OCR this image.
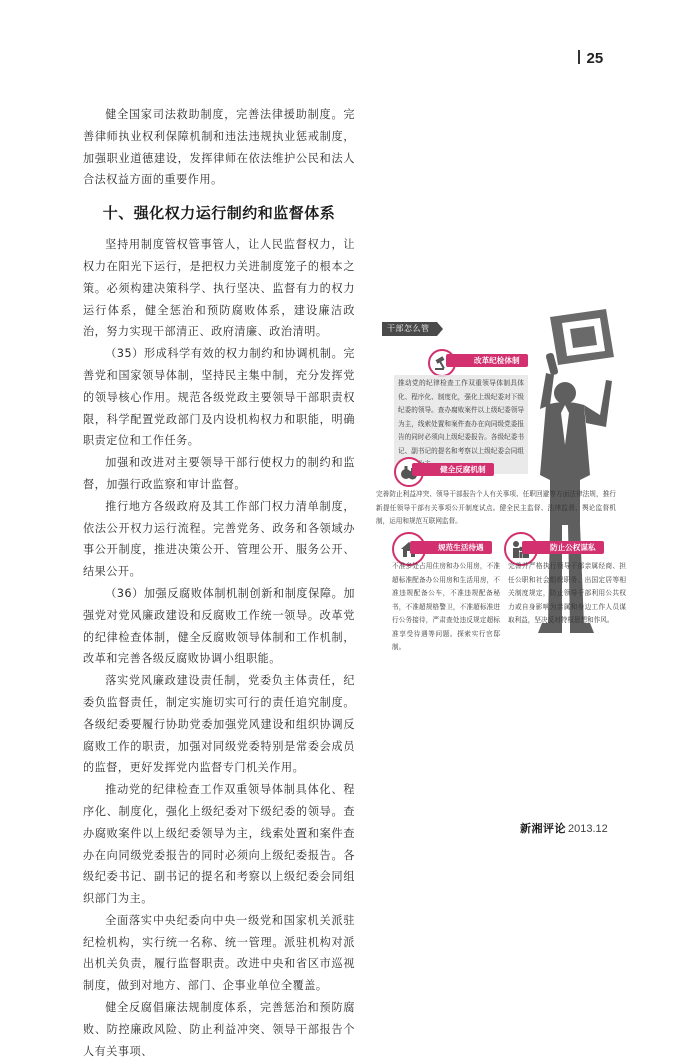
25

健全国家司法救助制度，完善法律援助制度。完善律师执业权利保障机制和违法违规执业惩戒制度，加强职业道德建设，发挥律师在依法维护公民和法人合法权益方面的重要作用。

十、强化权力运行制约和监督体系

坚持用制度管权管事管人，让人民监督权力，让权力在阳光下运行，是把权力关进制度笼子的根本之策。必须构建决策科学、执行坚决、监督有力的权力运行体系，健全惩治和预防腐败体系，建设廉洁政治，努力实现干部清正、政府清廉、政治清明。

（35）形成科学有效的权力制约和协调机制。完善党和国家领导体制，坚持民主集中制，充分发挥党的领导核心作用。规范各级党政主要领导干部职责权限，科学配置党政部门及内设机构权力和职能，明确职责定位和工作任务。

加强和改进对主要领导干部行使权力的制约和监督，加强行政监察和审计监督。

推行地方各级政府及其工作部门权力清单制度，依法公开权力运行流程。完善党务、政务和各领域办事公开制度，推进决策公开、管理公开、服务公开、结果公开。

（36）加强反腐败体制机制创新和制度保障。加强党对党风廉政建设和反腐败工作统一领导。改革党的纪律检查体制，健全反腐败领导体制和工作机制，改革和完善各级反腐败协调小组职能。

落实党风廉政建设责任制，党委负主体责任，纪委负监督责任，制定实施切实可行的责任追究制度。各级纪委要履行协助党委加强党风建设和组织协调反腐败工作的职责，加强对同级党委特别是常委会成员的监督，更好发挥党内监督专门机关作用。

推动党的纪律检查工作双重领导体制具体化、程序化、制度化，强化上级纪委对下级纪委的领导。查办腐败案件以上级纪委领导为主，线索处置和案件查办在向同级党委报告的同时必须向上级纪委报告。各级纪委书记、副书记的提名和考察以上级纪委会同组织部门为主。

全面落实中央纪委向中央一级党和国家机关派驻纪检机构，实行统一名称、统一管理。派驻机构对派出机关负责，履行监督职责。改进中央和省区市巡视制度，做到对地方、部门、企事业单位全覆盖。

健全反腐倡廉法规制度体系，完善惩治和预防腐败、防控廉政风险、防止利益冲突、领导干部报告个人有关事项、

干部怎么管
改革纪检体制
推动党的纪律检查工作双重领导体制具体化、程序化、制度化，强化上级纪委对下级纪委的领导。查办腐败案件以上级纪委领导为主，线索处置和案件查办在向同级党委报告的同时必须向上级纪委报告。各级纪委书记、副书记的提名和考察以上级纪委会同组
健全反腐机制
完善防止利益冲突、领导干部报告个人有关事项、任职回避等方面法律法规，推行新提任领导干部有关事项公开制度试点。健全民主监督、法律监督、舆论监督机制，运用和规范互联网监督。
规范生活待遇
不准多处占用住房和办公用房，不准超标准配备办公用房和生活用房，不准违规配备公车，不准违规配备秘书，不准超规格警卫，不准超标准进行公务接待，严肃查处违反规定超标准享受待遇等问题。探索实行官邸制。
防止公权谋私
完善并严格执行领导干部亲属经商、担任公职和社会组织职务、出国定居等相关制度规定，防止领导干部利用公共权力或自身影响为亲属和身边工作人员谋取利益，坚决反对特权思想和作风。
新湘评论 2013.12
